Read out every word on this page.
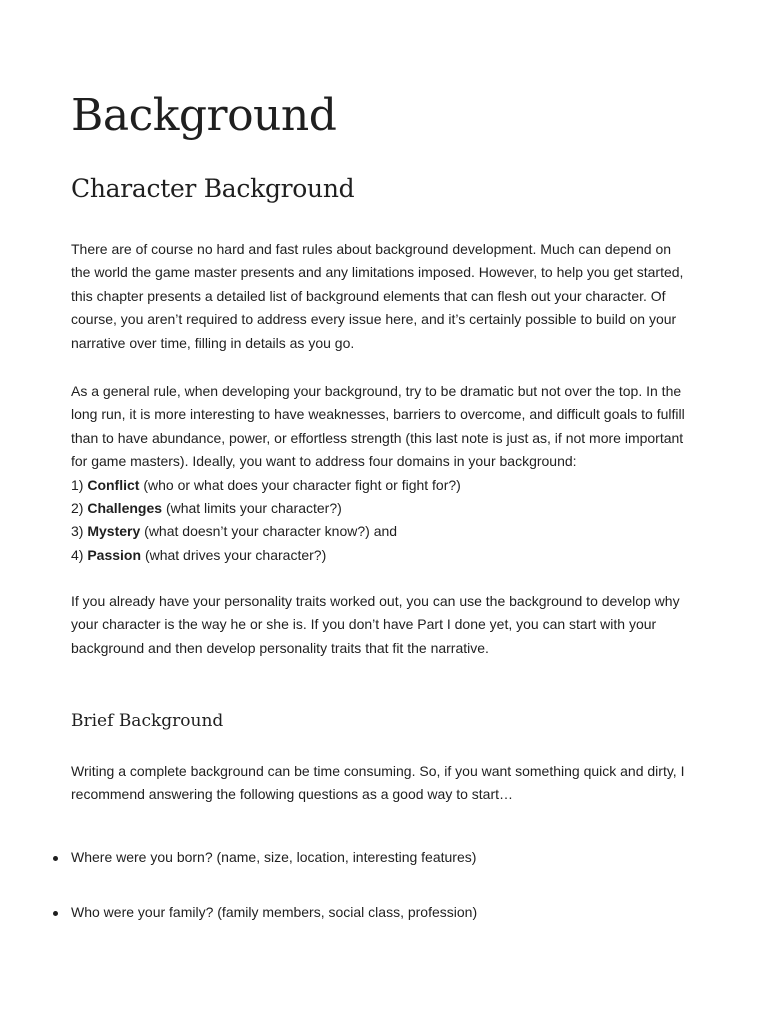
Background
Character Background
There are of course no hard and fast rules about background development. Much can depend on
the world the game master presents and any limitations imposed. However, to help you get started,
this chapter presents a detailed list of background elements that can flesh out your character. Of
course, you aren’t required to address every issue here, and it’s certainly possible to build on your
narrative over time, filling in details as you go.
As a general rule, when developing your background, try to be dramatic but not over the top. In the
long run, it is more interesting to have weaknesses, barriers to overcome, and difficult goals to fulfill
than to have abundance, power, or effortless strength (this last note is just as, if not more important
for game masters). Ideally, you want to address four domains in your background:
1) Conflict (who or what does your character fight or fight for?)
2) Challenges (what limits your character?)
3) Mystery (what doesn’t your character know?) and
4) Passion (what drives your character?)
If you already have your personality traits worked out, you can use the background to develop why
your character is the way he or she is. If you don’t have Part I done yet, you can start with your
background and then develop personality traits that fit the narrative.
Brief Background
Writing a complete background can be time consuming. So, if you want something quick and dirty, I
recommend answering the following questions as a good way to start…
Where were you born? (name, size, location, interesting features)
Who were your family? (family members, social class, profession)
